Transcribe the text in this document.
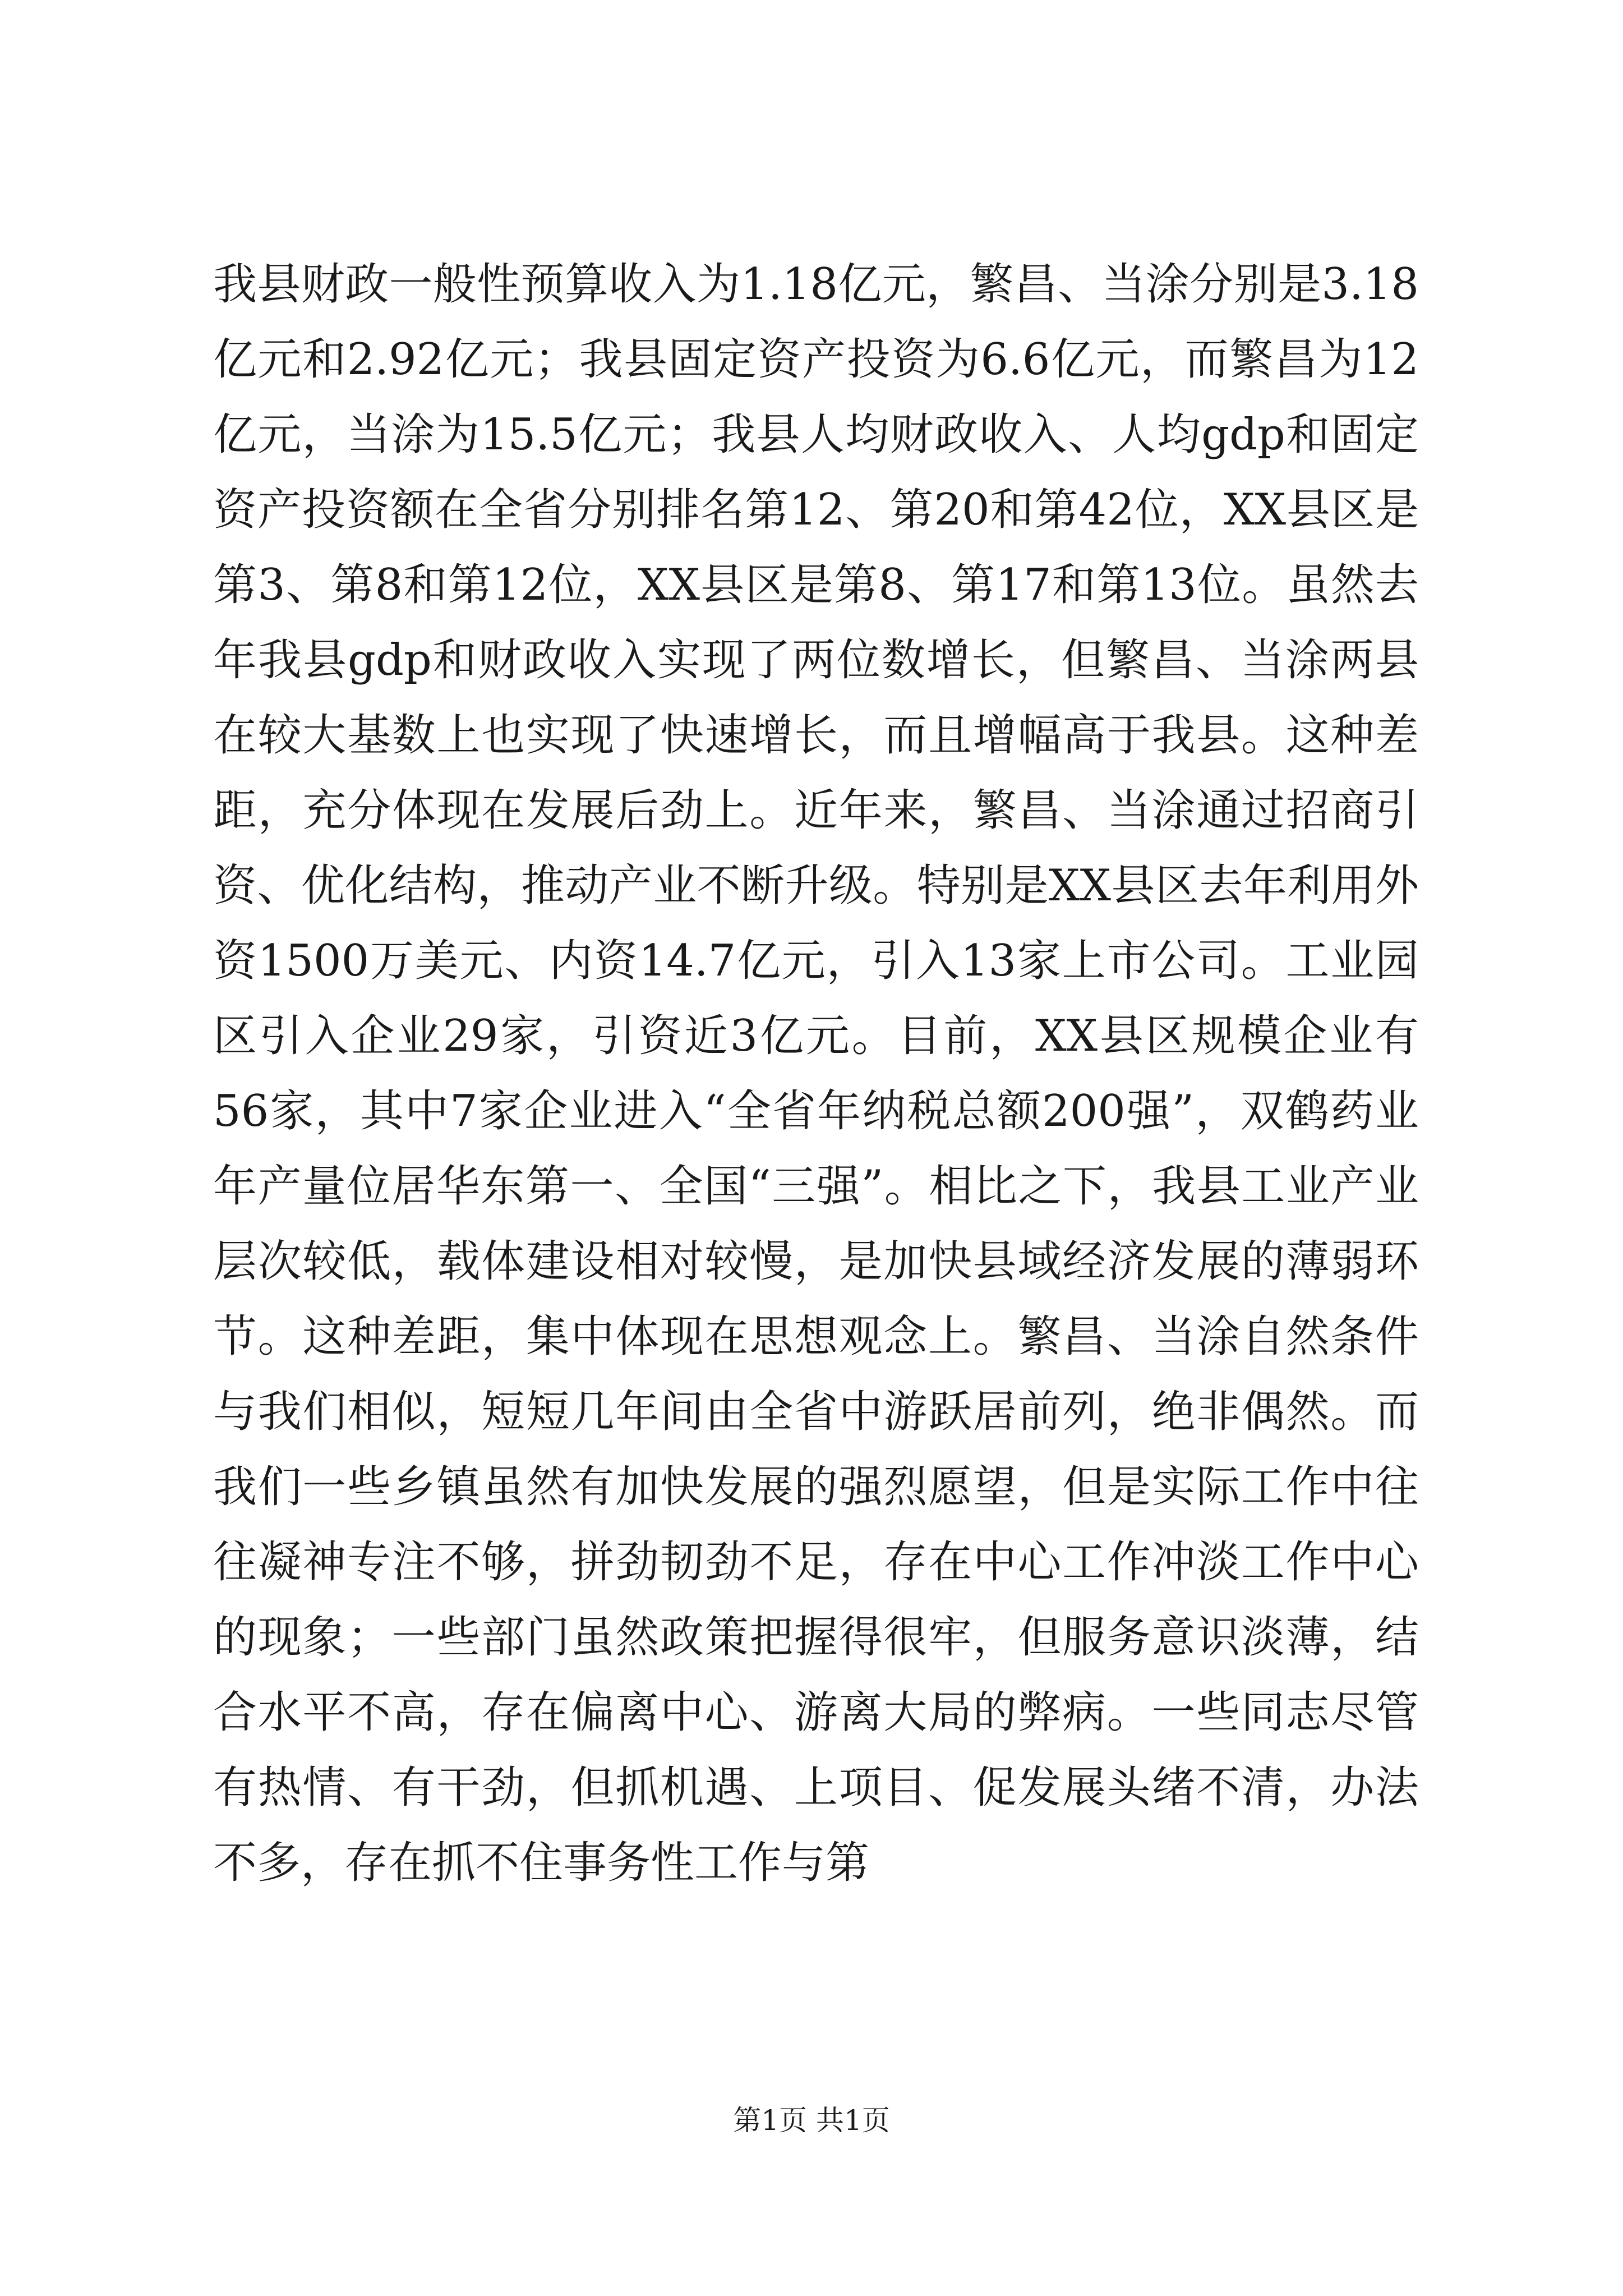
我县财政一般性预算收入为1.18亿元，繁昌、当涂分别是3.18亿元和2.92亿元；我县固定资产投资为6.6亿元，而繁昌为12亿元，当涂为15.5亿元；我县人均财政收入、人均gdp和固定资产投资额在全省分别排名第12、第20和第42位，XX县区是第3、第8和第12位，XX县区是第8、第17和第13位。虽然去年我县gdp和财政收入实现了两位数增长，但繁昌、当涂两县在较大基数上也实现了快速增长，而且增幅高于我县。这种差距，充分体现在发展后劲上。近年来，繁昌、当涂通过招商引资、优化结构，推动产业不断升级。特别是XX县区去年利用外资1500万美元、内资14.7亿元，引入13家上市公司。工业园区引入企业29家，引资近3亿元。目前，XX县区规模企业有56家，其中7家企业进入“全省年纳税总额200强”，双鹤药业年产量位居华东第一、全国“三强”。相比之下，我县工业产业层次较低，载体建设相对较慢，是加快县域经济发展的薄弱环节。这种差距，集中体现在思想观念上。繁昌、当涂自然条件与我们相似，短短几年间由全省中游跃居前列，绝非偶然。而我们一些乡镇虽然有加快发展的强烈愿望，但是实际工作中往往凝神专注不够，拼劲韧劲不足，存在中心工作冲淡工作中心的现象；一些部门虽然政策把握得很牢，但服务意识淡薄，结合水平不高，存在偏离中心、游离大局的弊病。一些同志尽管有热情、有干劲，但抓机遇、上项目、促发展头绪不清，办法不多，存在抓不住事务性工作与第

第1页 共1页
